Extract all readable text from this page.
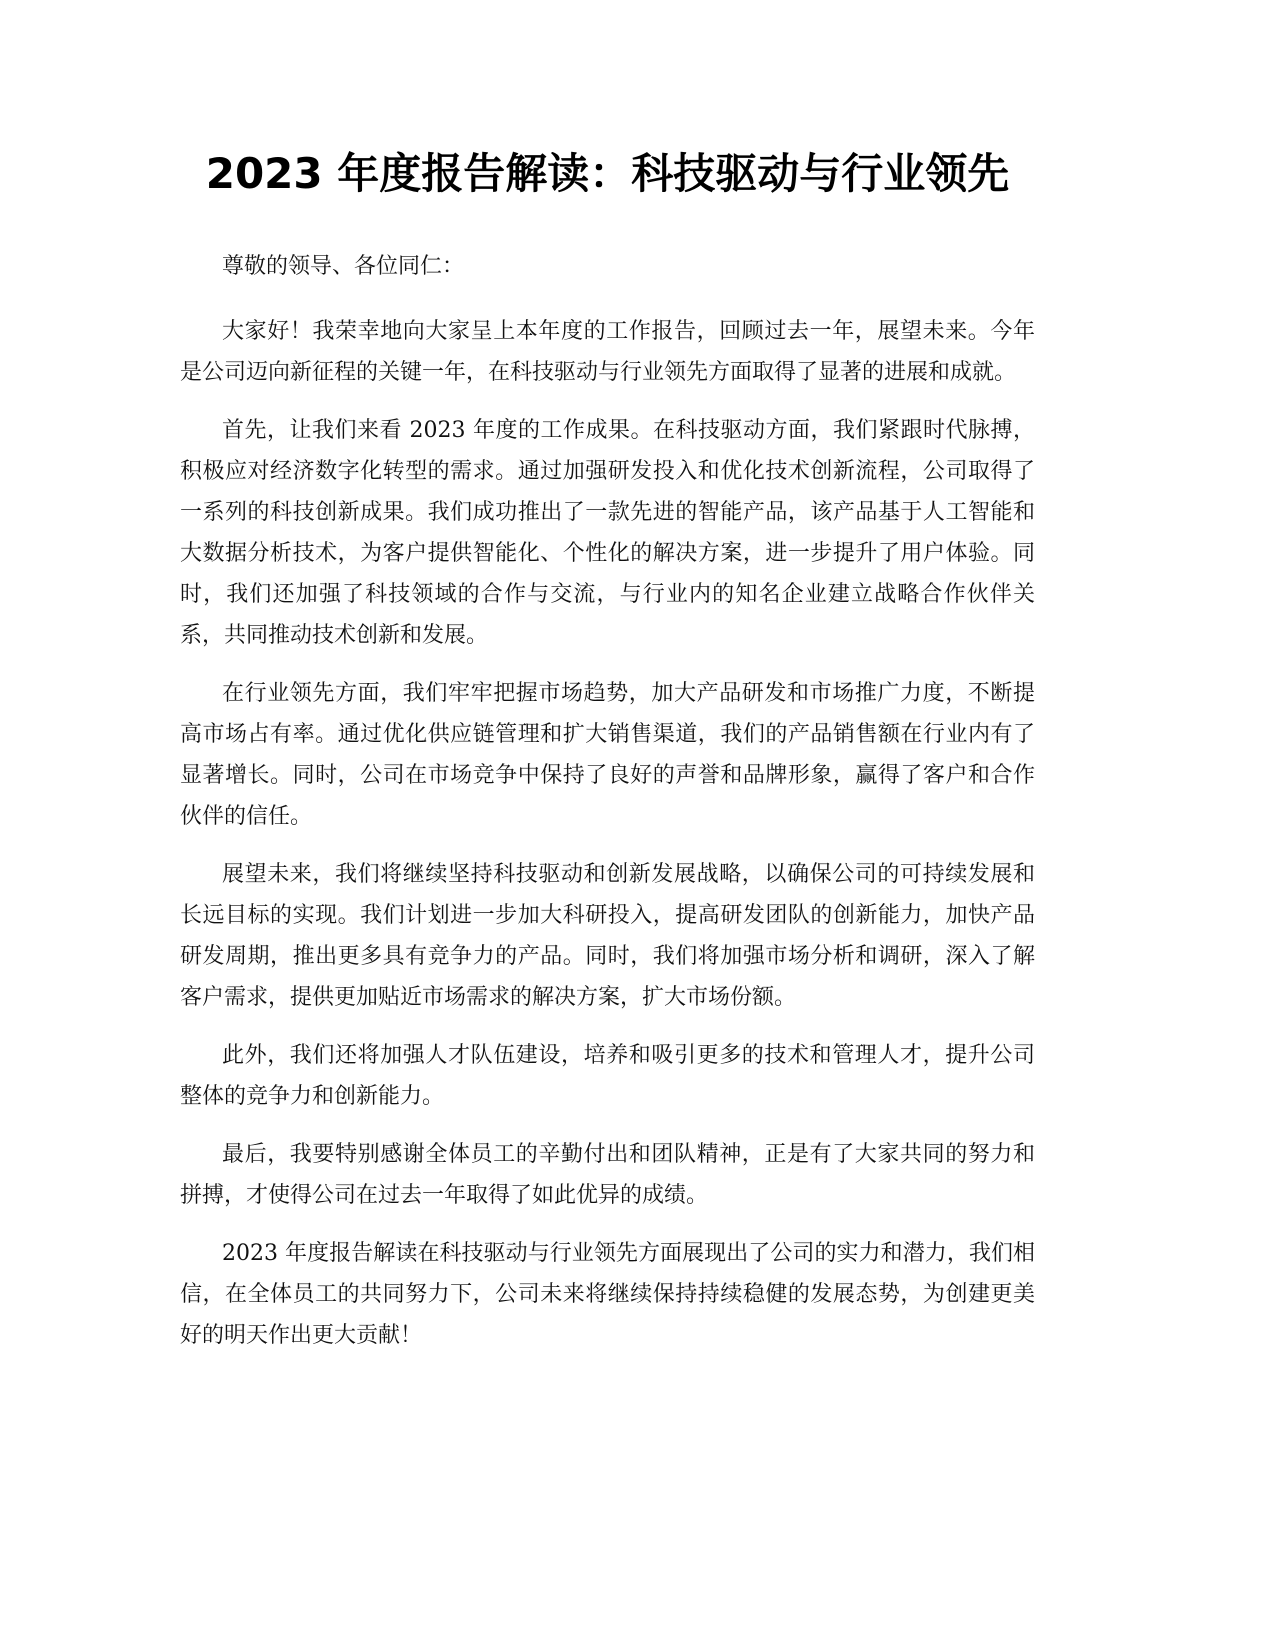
2023 年度报告解读：科技驱动与行业领先

尊敬的领导、各位同仁：

大家好！我荣幸地向大家呈上本年度的工作报告，回顾过去一年，展望未来。今年是公司迈向新征程的关键一年，在科技驱动与行业领先方面取得了显著的进展和成就。

首先，让我们来看 2023 年度的工作成果。在科技驱动方面，我们紧跟时代脉搏，积极应对经济数字化转型的需求。通过加强研发投入和优化技术创新流程，公司取得了一系列的科技创新成果。我们成功推出了一款先进的智能产品，该产品基于人工智能和大数据分析技术，为客户提供智能化、个性化的解决方案，进一步提升了用户体验。同时，我们还加强了科技领域的合作与交流，与行业内的知名企业建立战略合作伙伴关系，共同推动技术创新和发展。

在行业领先方面，我们牢牢把握市场趋势，加大产品研发和市场推广力度，不断提高市场占有率。通过优化供应链管理和扩大销售渠道，我们的产品销售额在行业内有了显著增长。同时，公司在市场竞争中保持了良好的声誉和品牌形象，赢得了客户和合作伙伴的信任。

展望未来，我们将继续坚持科技驱动和创新发展战略，以确保公司的可持续发展和长远目标的实现。我们计划进一步加大科研投入，提高研发团队的创新能力，加快产品研发周期，推出更多具有竞争力的产品。同时，我们将加强市场分析和调研，深入了解客户需求，提供更加贴近市场需求的解决方案，扩大市场份额。

此外，我们还将加强人才队伍建设，培养和吸引更多的技术和管理人才，提升公司整体的竞争力和创新能力。

最后，我要特别感谢全体员工的辛勤付出和团队精神，正是有了大家共同的努力和拼搏，才使得公司在过去一年取得了如此优异的成绩。

2023 年度报告解读在科技驱动与行业领先方面展现出了公司的实力和潜力，我们相信，在全体员工的共同努力下，公司未来将继续保持持续稳健的发展态势，为创建更美好的明天作出更大贡献！
